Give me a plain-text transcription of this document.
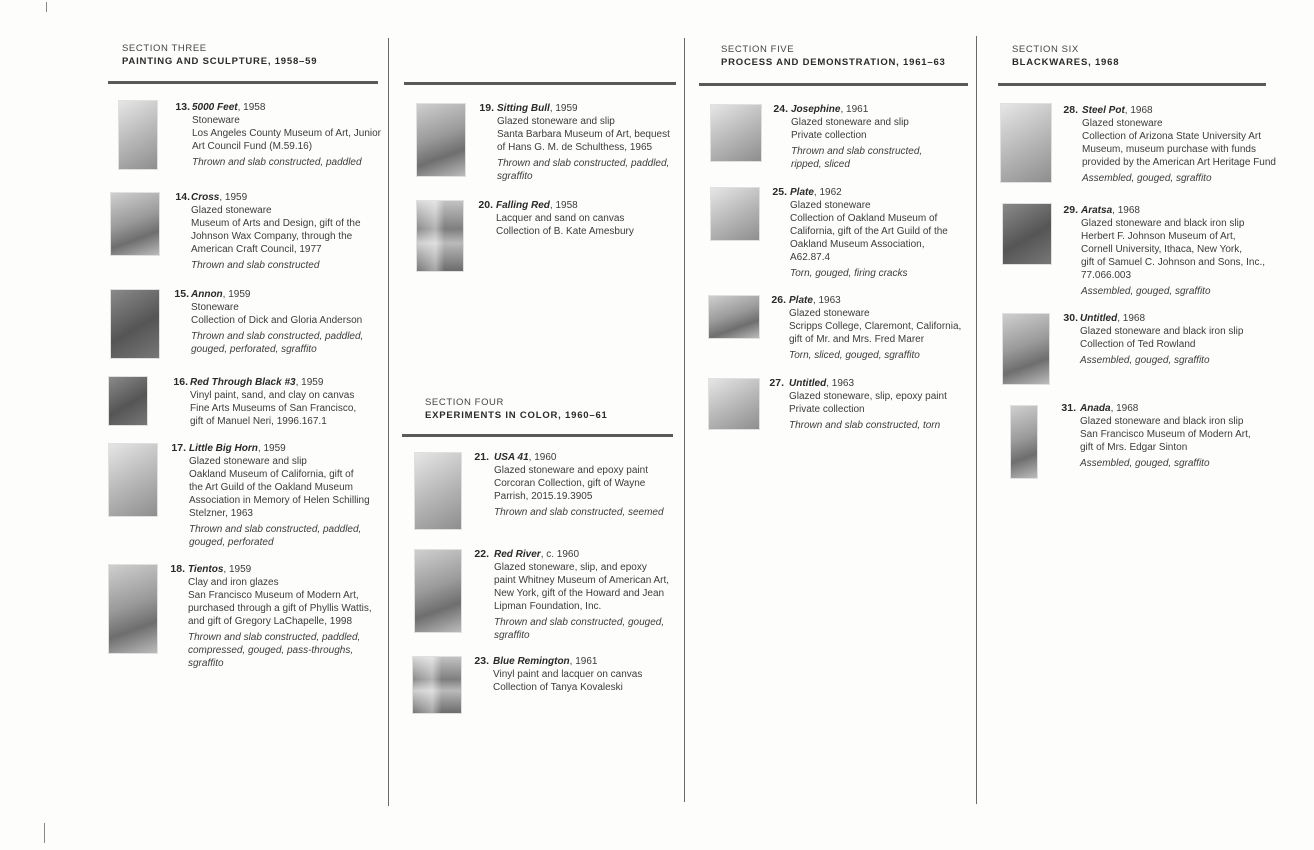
SECTION THREE
PAINTING AND SCULPTURE, 1958–59
SECTION FIVE
PROCESS AND DEMONSTRATION, 1961–63
SECTION SIX
BLACKWARES, 1968
SECTION FOUR
EXPERIMENTS IN COLOR, 1960–61
13. 5000 Feet, 1958
Stoneware
Los Angeles County Museum of Art, Junior
Art Council Fund (M.59.16)
Thrown and slab constructed, paddled
14. Cross, 1959
Glazed stoneware
Museum of Arts and Design, gift of the
Johnson Wax Company, through the
American Craft Council, 1977
Thrown and slab constructed
15. Annon, 1959
Stoneware
Collection of Dick and Gloria Anderson
Thrown and slab constructed, paddled,
gouged, perforated, sgraffito
16. Red Through Black #3, 1959
Vinyl paint, sand, and clay on canvas
Fine Arts Museums of San Francisco,
gift of Manuel Neri, 1996.167.1
17. Little Big Horn, 1959
Glazed stoneware and slip
Oakland Museum of California, gift of
the Art Guild of the Oakland Museum
Association in Memory of Helen Schilling
Stelzner, 1963
Thrown and slab constructed, paddled,
gouged, perforated
18. Tientos, 1959
Clay and iron glazes
San Francisco Museum of Modern Art,
purchased through a gift of Phyllis Wattis,
and gift of Gregory LaChapelle, 1998
Thrown and slab constructed, paddled,
compressed, gouged, pass-throughs,
sgraffito
19. Sitting Bull, 1959
Glazed stoneware and slip
Santa Barbara Museum of Art, bequest
of Hans G. M. de Schulthess, 1965
Thrown and slab constructed, paddled,
sgraffito
20. Falling Red, 1958
Lacquer and sand on canvas
Collection of B. Kate Amesbury
21. USA 41, 1960
Glazed stoneware and epoxy paint
Corcoran Collection, gift of Wayne
Parrish, 2015.19.3905
Thrown and slab constructed, seemed
22. Red River, c. 1960
Glazed stoneware, slip, and epoxy
paint Whitney Museum of American Art,
New York, gift of the Howard and Jean
Lipman Foundation, Inc.
Thrown and slab constructed, gouged,
sgraffito
23. Blue Remington, 1961
Vinyl paint and lacquer on canvas
Collection of Tanya Kovaleski
24. Josephine, 1961
Glazed stoneware and slip
Private collection
Thrown and slab constructed,
ripped, sliced
25. Plate, 1962
Glazed stoneware
Collection of Oakland Museum of
California, gift of the Art Guild of the
Oakland Museum Association,
A62.87.4
Torn, gouged, firing cracks
26. Plate, 1963
Glazed stoneware
Scripps College, Claremont, California,
gift of Mr. and Mrs. Fred Marer
Torn, sliced, gouged, sgraffito
27. Untitled, 1963
Glazed stoneware, slip, epoxy paint
Private collection
Thrown and slab constructed, torn
28. Steel Pot, 1968
Glazed stoneware
Collection of Arizona State University Art
Museum, museum purchase with funds
provided by the American Art Heritage Fund
Assembled, gouged, sgraffito
29. Aratsa, 1968
Glazed stoneware and black iron slip
Herbert F. Johnson Museum of Art,
Cornell University, Ithaca, New York,
gift of Samuel C. Johnson and Sons, Inc.,
77.066.003
Assembled, gouged, sgraffito
30. Untitled, 1968
Glazed stoneware and black iron slip
Collection of Ted Rowland
Assembled, gouged, sgraffito
31. Anada, 1968
Glazed stoneware and black iron slip
San Francisco Museum of Modern Art,
gift of Mrs. Edgar Sinton
Assembled, gouged, sgraffito
